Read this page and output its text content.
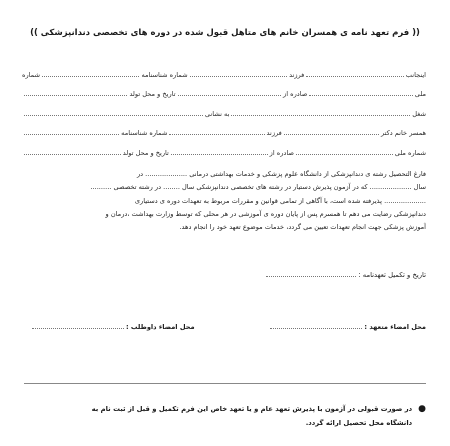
(( فرم تعهد نامه ی همسران خانم های متاهل قبول شده در دوره های تخصصی دندانپزشکی ))
اینجانب
فرزند
شماره شناسنامه
شماره
ملی
صادره از
تاریخ و محل تولد
شغل
به نشانی
همسر خانم دکتر
فرزند
شماره شناسنامه
شماره ملی
صادره از
تاریخ و محل تولد

فارغ التحصیل رشته ی دندانپزشکی از دانشگاه علوم پزشکی و خدمات بهداشتی درمانی .................... در

سال .................... که در آزمون پذیرش دستیار در رشته های تخصصی دندانپزشکی سال ........ در رشته تخصصی ..........

.................... پذیرفته شده است، با آگاهی از تمامی قوانین و مقررات مربوط به تعهدات دوره ی دستیاری

دندانپزشکی رضایت می دهم تا همسرم پس از پایان دوره ی آموزشی در هر محلی که توسط وزارت بهداشت ،درمان و

آموزش پزشکی جهت انجام تعهدات تعیین می گردد، خدمات موضوع تعهد خود را انجام دهد.

تاریخ و تکمیل تعهدنامه :
محل امضاء متعهد :
محل امضاء داوطلب :
●

در صورت قبولی در آزمون با پذیرش تعهد عام و یا تعهد خاص این فرم تکمیل و قبل از ثبت نام به

دانشگاه محل تحصیل ارائه گردد.
